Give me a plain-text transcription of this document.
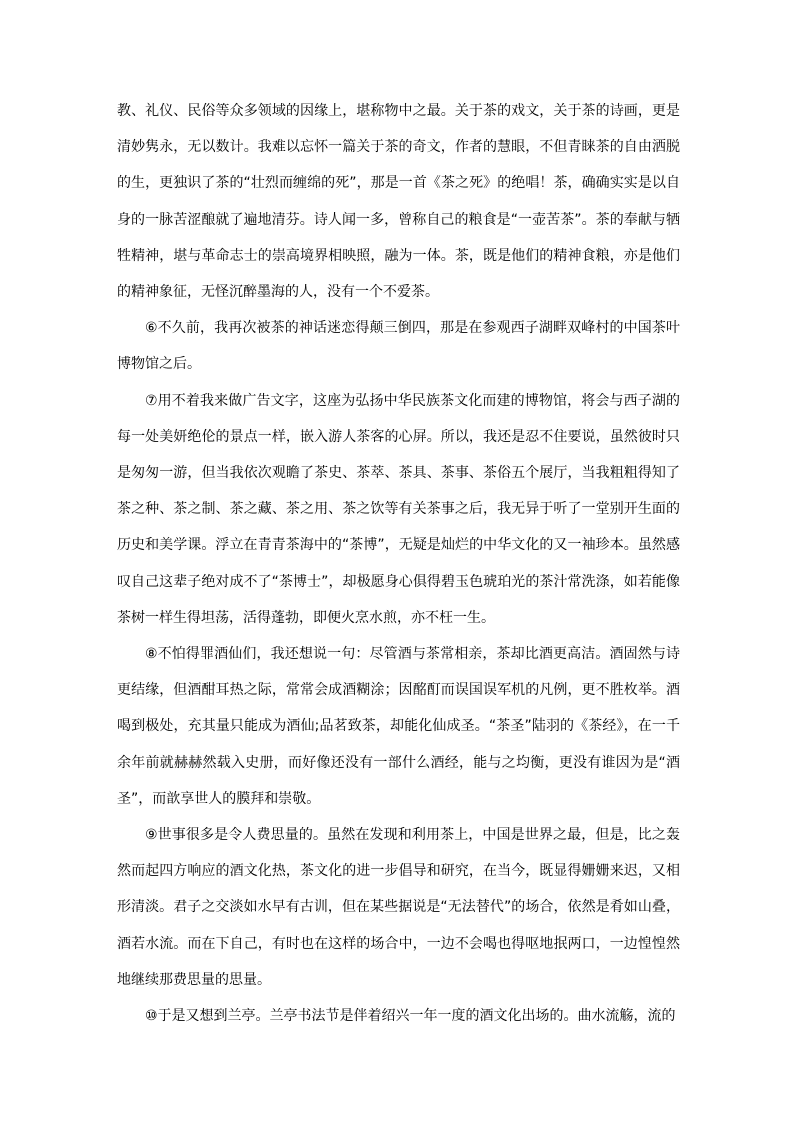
教、礼仪、民俗等众多领域的因缘上，堪称物中之最。关于茶的戏文，关于茶的诗画，更是清妙隽永，无以数计。我难以忘怀一篇关于茶的奇文，作者的慧眼，不但青睐茶的自由洒脱的生，更独识了茶的“壮烈而缠绵的死”，那是一首《茶之死》的绝唱！茶，确确实实是以自身的一脉苦涩酿就了遍地清芬。诗人闻一多，曾称自己的粮食是“一壶苦茶”。茶的奉献与牺牲精神，堪与革命志士的崇高境界相映照，融为一体。茶，既是他们的精神食粮，亦是他们的精神象征，无怪沉醉墨海的人，没有一个不爱茶。

⑥不久前，我再次被茶的神话迷恋得颠三倒四，那是在参观西子湖畔双峰村的中国茶叶博物馆之后。

⑦用不着我来做广告文字，这座为弘扬中华民族茶文化而建的博物馆，将会与西子湖的每一处美妍绝伦的景点一样，嵌入游人茶客的心屏。所以，我还是忍不住要说，虽然彼时只是匆匆一游，但当我依次观瞻了茶史、茶萃、茶具、茶事、茶俗五个展厅，当我粗粗得知了茶之种、茶之制、茶之藏、茶之用、茶之饮等有关茶事之后，我无异于听了一堂别开生面的历史和美学课。浮立在青青茶海中的“茶博”，无疑是灿烂的中华文化的又一袖珍本。虽然感叹自己这辈子绝对成不了“茶博士”，却极愿身心俱得碧玉色琥珀光的茶汁常洗涤，如若能像茶树一样生得坦荡，活得蓬勃，即便火烹水煎，亦不枉一生。

⑧不怕得罪酒仙们，我还想说一句：尽管酒与茶常相亲，茶却比酒更高洁。酒固然与诗更结缘，但酒酣耳热之际，常常会成酒糊涂；因酩酊而误国误军机的凡例，更不胜枚举。酒喝到极处，充其量只能成为酒仙;品茗致茶，却能化仙成圣。“茶圣”陆羽的《茶经》，在一千余年前就赫赫然载入史册，而好像还没有一部什么酒经，能与之均衡，更没有谁因为是“酒圣”，而歆享世人的膜拜和崇敬。

⑨世事很多是令人费思量的。虽然在发现和利用茶上，中国是世界之最，但是，比之轰然而起四方响应的酒文化热，茶文化的进一步倡导和研究，在当今，既显得姗姗来迟，又相形清淡。君子之交淡如水早有古训，但在某些据说是“无法替代”的场合，依然是肴如山叠，酒若水流。而在下自己，有时也在这样的场合中，一边不会喝也得呕地抿两口，一边惶惶然地继续那费思量的思量。

⑩于是又想到兰亭。兰亭书法节是伴着绍兴一年一度的酒文化出场的。曲水流觞，流的
